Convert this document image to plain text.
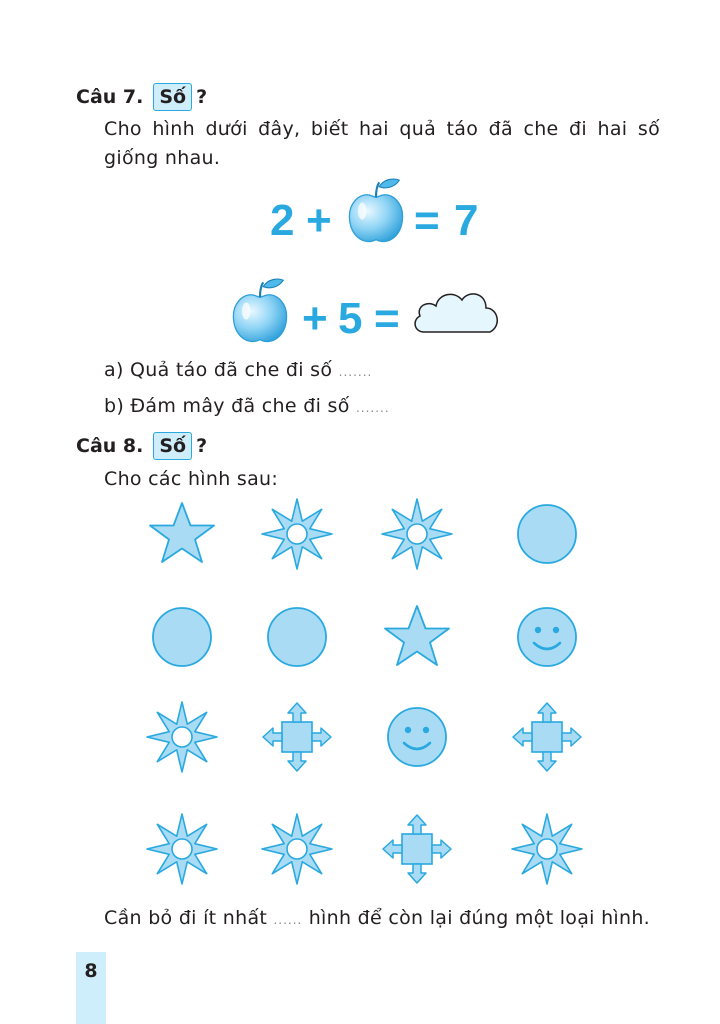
Câu 7. Số ?
Cho hình dưới đây, biết hai quả táo đã che đi hai số
giống nhau.
2 + = 7
+ 5 =
a) Quả táo đã che đi số .......
b) Đám mây đã che đi số .......
Câu 8. Số ?
Cho các hình sau:
Cần bỏ đi ít nhất ...... hình để còn lại đúng một loại hình.
8
